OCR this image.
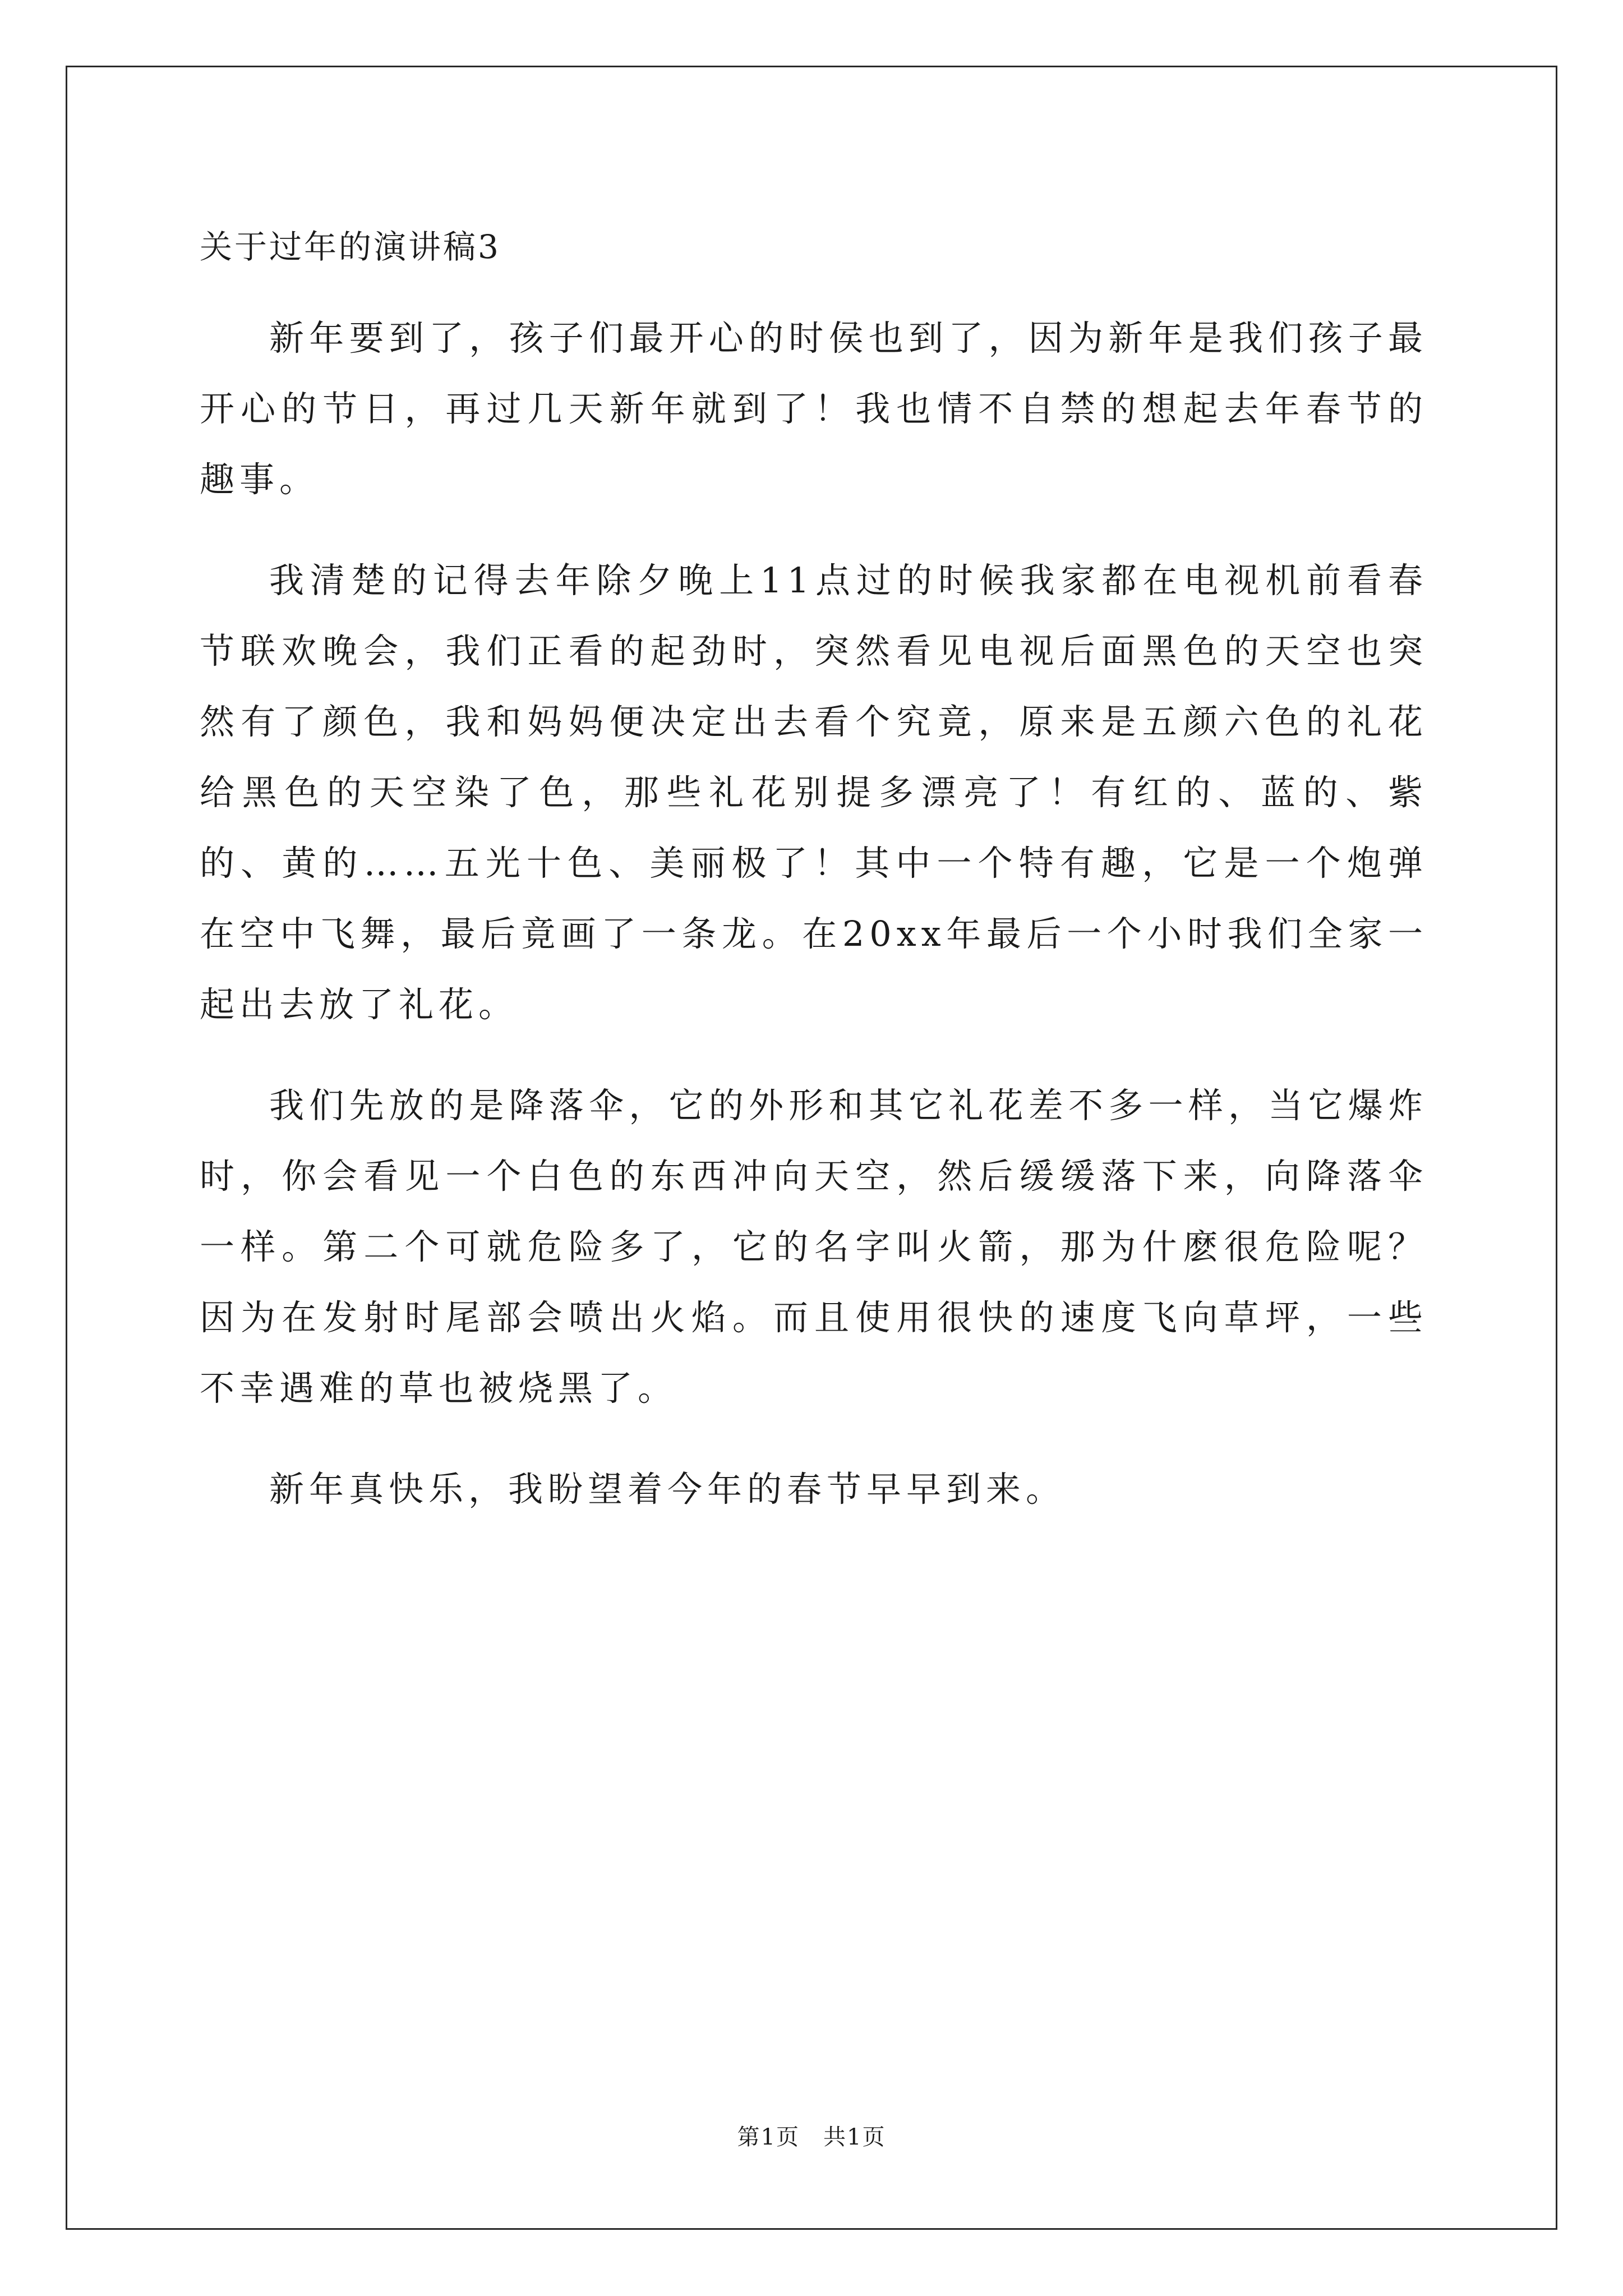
关于过年的演讲稿3

新年要到了，孩子们最开心的时侯也到了，因为新年是我们孩子最开心的节日，再过几天新年就到了！我也情不自禁的想起去年春节的趣事。

我清楚的记得去年除夕晚上11点过的时候我家都在电视机前看春节联欢晚会，我们正看的起劲时，突然看见电视后面黑色的天空也突然有了颜色，我和妈妈便决定出去看个究竟，原来是五颜六色的礼花给黑色的天空染了色，那些礼花别提多漂亮了！有红的、蓝的、紫的、黄的……五光十色、美丽极了！其中一个特有趣，它是一个炮弹在空中飞舞，最后竟画了一条龙。在20xx年最后一个小时我们全家一起出去放了礼花。

我们先放的是降落伞，它的外形和其它礼花差不多一样，当它爆炸时，你会看见一个白色的东西冲向天空，然后缓缓落下来，向降落伞一样。第二个可就危险多了，它的名字叫火箭，那为什麽很危险呢？因为在发射时尾部会喷出火焰。而且使用很快的速度飞向草坪，一些不幸遇难的草也被烧黑了。

新年真快乐，我盼望着今年的春节早早到来。

第1页　共1页
